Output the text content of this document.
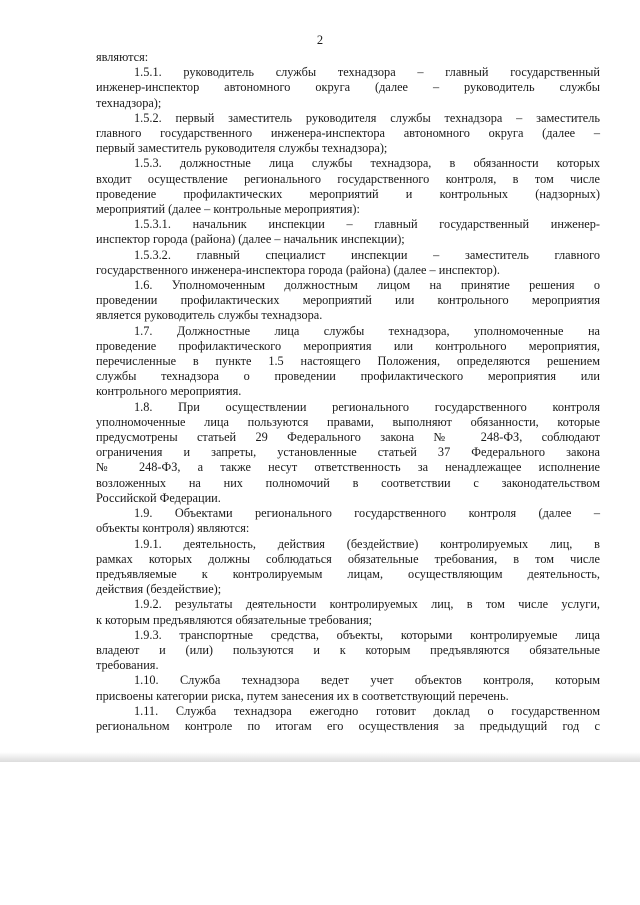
2

являются:

1.5.1. руководитель службы технадзора – главный государственный
инженер-инспектор автономного округа (далее – руководитель службы
технадзора);

1.5.2. первый заместитель руководителя службы технадзора – заместитель
главного государственного инженера-инспектора автономного округа (далее –
первый заместитель руководителя службы технадзора);

1.5.3. должностные лица службы технадзора, в обязанности которых
входит осуществление регионального государственного контроля, в том числе
проведение профилактических мероприятий и контрольных (надзорных)
мероприятий (далее – контрольные мероприятия):

1.5.3.1. начальник инспекции – главный государственный инженер-
инспектор города (района) (далее – начальник инспекции);

1.5.3.2. главный специалист инспекции – заместитель главного
государственного инженера-инспектора города (района) (далее – инспектор).

1.6. Уполномоченным должностным лицом на принятие решения о
проведении профилактических мероприятий или контрольного мероприятия
является руководитель службы технадзора.

1.7. Должностные лица службы технадзора, уполномоченные на
проведение профилактического мероприятия или контрольного мероприятия,
перечисленные в пункте 1.5 настоящего Положения, определяются решением
службы технадзора о проведении профилактического мероприятия или
контрольного мероприятия.

1.8. При осуществлении регионального государственного контроля
уполномоченные лица пользуются правами, выполняют обязанности, которые
предусмотрены статьей 29 Федерального закона № 248-ФЗ, соблюдают
ограничения и запреты, установленные статьей 37 Федерального закона
№ 248-ФЗ, а также несут ответственность за ненадлежащее исполнение
возложенных на них полномочий в соответствии с законодательством
Российской Федерации.

1.9. Объектами регионального государственного контроля (далее –
объекты контроля) являются:

1.9.1. деятельность, действия (бездействие) контролируемых лиц, в
рамках которых должны соблюдаться обязательные требования, в том числе
предъявляемые к контролируемым лицам, осуществляющим деятельность,
действия (бездействие);

1.9.2. результаты деятельности контролируемых лиц, в том числе услуги,
к которым предъявляются обязательные требования;

1.9.3. транспортные средства, объекты, которыми контролируемые лица
владеют и (или) пользуются и к которым предъявляются обязательные
требования.

1.10. Служба технадзора ведет учет объектов контроля, которым
присвоены категории риска, путем занесения их в соответствующий перечень.

1.11. Служба технадзора ежегодно готовит доклад о государственном
региональном контроле по итогам его осуществления за предыдущий год с
